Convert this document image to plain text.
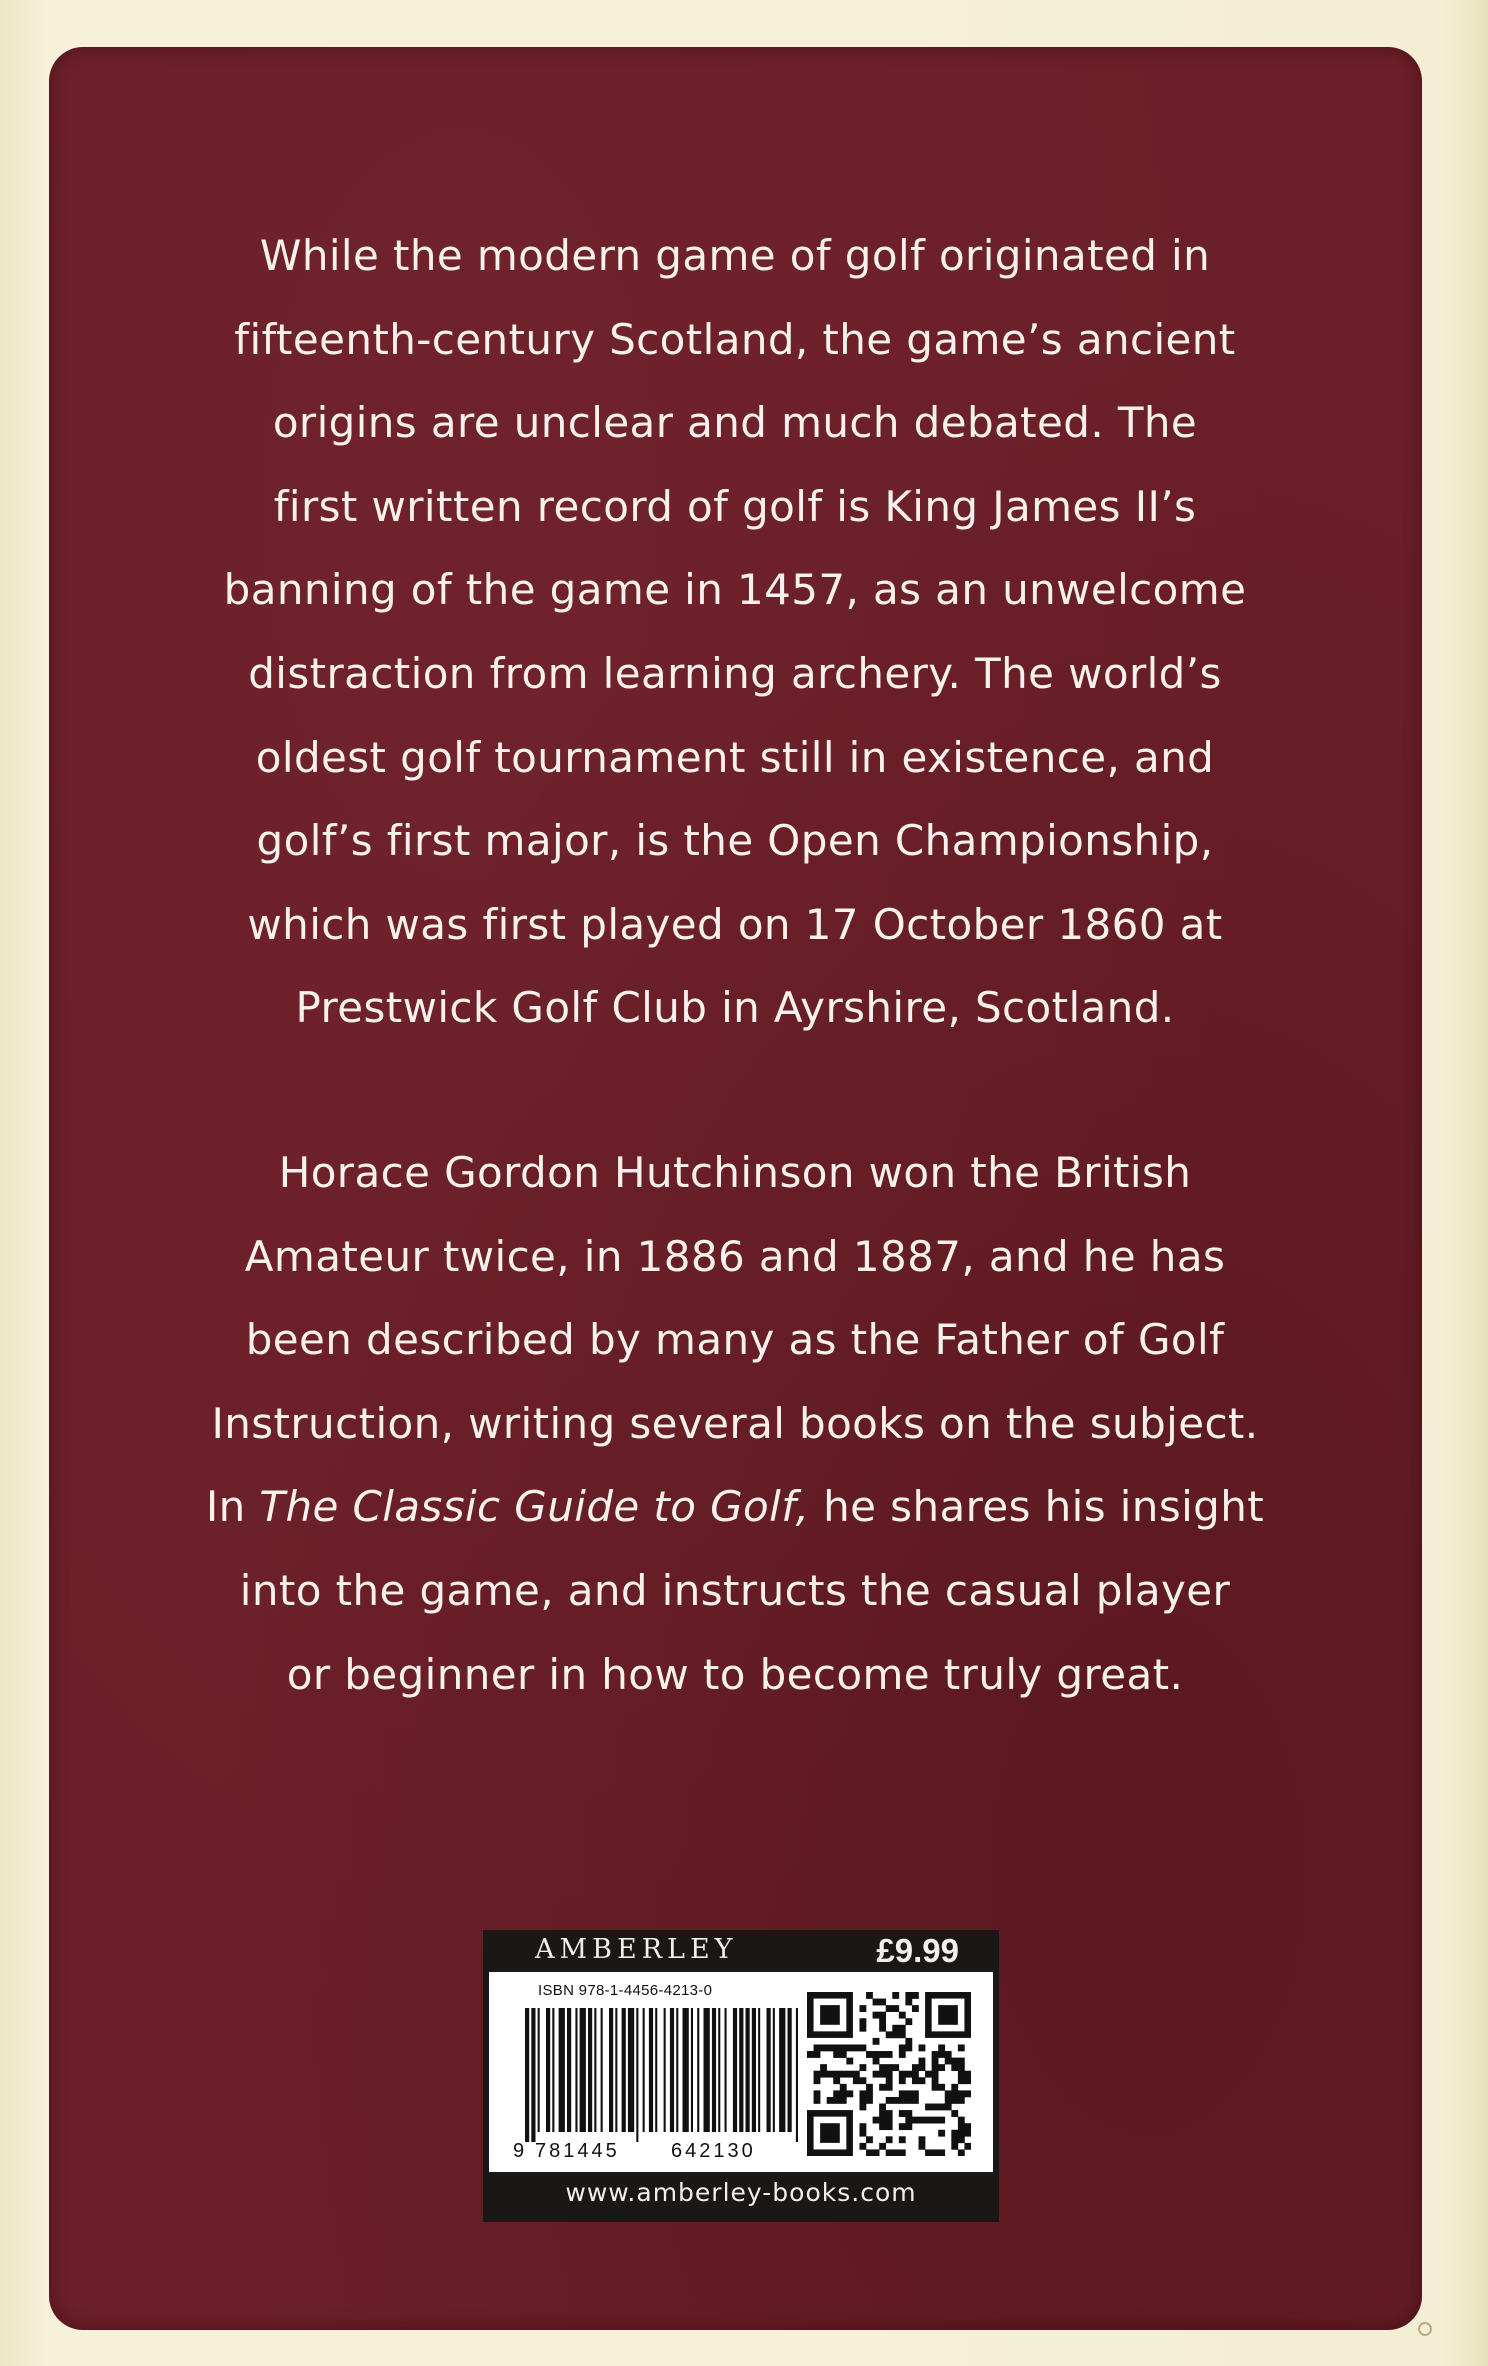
While the modern game of golf originated in
fifteenth-century Scotland, the game’s ancient
origins are unclear and much debated. The
first written record of golf is King James II’s
banning of the game in 1457, as an unwelcome
distraction from learning archery. The world’s
oldest golf tournament still in existence, and
golf’s first major, is the Open Championship,
which was first played on 17 October 1860 at
Prestwick Golf Club in Ayrshire, Scotland.

Horace Gordon Hutchinson won the British
Amateur twice, in 1886 and 1887, and he has
been described by many as the Father of Golf
Instruction, writing several books on the subject.
In The Classic Guide to Golf, he shares his insight
into the game, and instructs the casual player
or beginner in how to become truly great.

AMBERLEY	£9.99
ISBN 978-1-4456-4213-0
9 781445	642130
www.amberley-books.com
